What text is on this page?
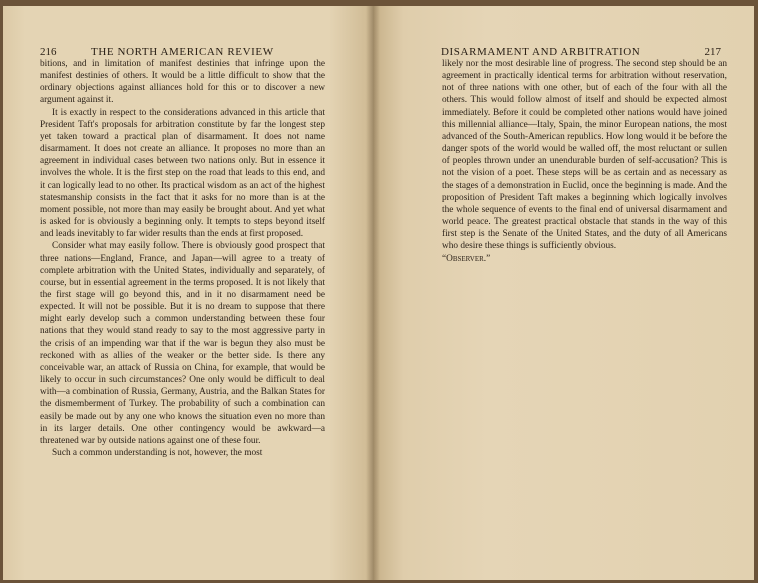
216	THE NORTH AMERICAN REVIEW

bitions, and in limitation of manifest destinies that infringe upon the manifest destinies of others. It would be a little difficult to show that the ordinary objections against alliances hold for this or to discover a new argument against it.

It is exactly in respect to the considerations advanced in this article that President Taft's proposals for arbitration constitute by far the longest step yet taken toward a practical plan of disarmament. It does not name disarmament. It does not create an alliance. It proposes no more than an agreement in individual cases between two nations only. But in essence it involves the whole. It is the first step on the road that leads to this end, and it can logically lead to no other. Its practical wisdom as an act of the highest statesmanship consists in the fact that it asks for no more than is at the moment possible, not more than may easily be brought about. And yet what is asked for is obviously a beginning only. It tempts to steps beyond itself and leads inevitably to far wider results than the ends at first proposed.

Consider what may easily follow. There is obviously good prospect that three nations—England, France, and Japan—will agree to a treaty of complete arbitration with the United States, individually and separately, of course, but in essential agreement in the terms proposed. It is not likely that the first stage will go beyond this, and in it no disarmament need be expected. It will not be possible. But it is no dream to suppose that there might early develop such a common understanding between these four nations that they would stand ready to say to the most aggressive party in the crisis of an impending war that if the war is begun they also must be reckoned with as allies of the weaker or the better side. Is there any conceivable war, an attack of Russia on China, for example, that would be likely to occur in such circumstances? One only would be difficult to deal with—a combination of Russia, Germany, Austria, and the Balkan States for the dismemberment of Turkey. The probability of such a combination can easily be made out by any one who knows the situation even no more than in its larger details. One other contingency would be awkward—a threatened war by outside nations against one of these four.

Such a common understanding is not, however, the most

DISARMAMENT AND ARBITRATION	217

likely nor the most desirable line of progress. The second step should be an agreement in practically identical terms for arbitration without reservation, not of three nations with one other, but of each of the four with all the others. This would follow almost of itself and should be expected almost immediately. Before it could be completed other nations would have joined this millennial alliance—Italy, Spain, the minor European nations, the most advanced of the South-American republics. How long would it be before the danger spots of the world would be walled off, the most reluctant or sullen of peoples thrown under an unendurable burden of self-accusation? This is not the vision of a poet. These steps will be as certain and as necessary as the stages of a demonstration in Euclid, once the beginning is made. And the proposition of President Taft makes a beginning which logically involves the whole sequence of events to the final end of universal disarmament and world peace. The greatest practical obstacle that stands in the way of this first step is the Senate of the United States, and the duty of all Americans who desire these things is sufficiently obvious.

“Observer.”
